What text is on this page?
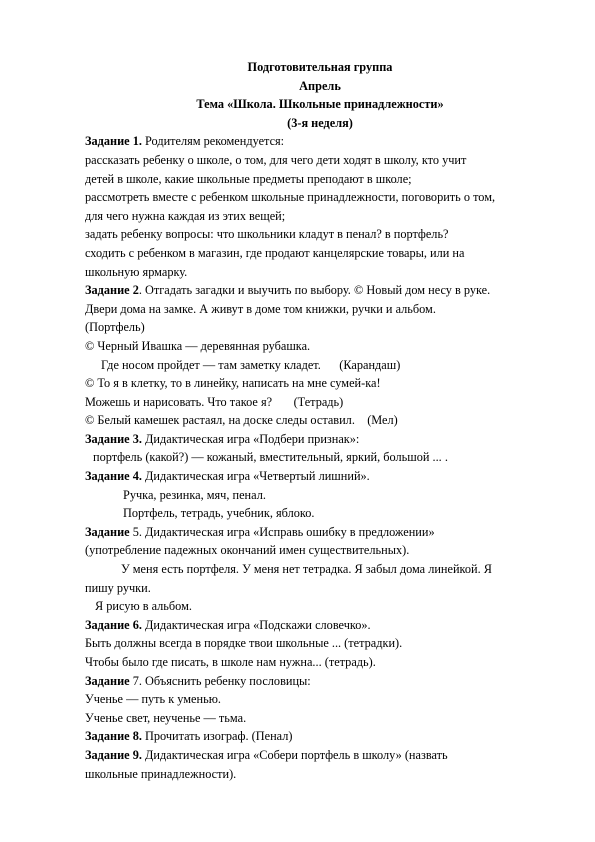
Подготовительная группа
Апрель
Тема «Школа. Школьные принадлежности»
(3-я неделя)
Задание 1. Родителям рекомендуется:
рассказать ребенку о школе, о том, для чего дети ходят в школу, кто учит
детей в школе, какие школьные предметы преподают в школе;
рассмотреть вместе с ребенком школьные принадлежности, поговорить о том,
для чего нужна каждая из этих вещей;
задать ребенку вопросы: что школьники кладут в пенал? в портфель?
сходить с ребенком в магазин, где продают канцелярские товары, или на
школьную ярмарку.
Задание 2. Отгадать загадки и выучить по выбору. © Новый дом несу в руке.
Двери дома на замке. А живут в доме том книжки, ручки и альбом.
(Портфель)
© Черный Ивашка — деревянная рубашка.
Где носом пройдет — там заметку кладет.      (Карандаш)
© То я в клетку, то в линейку, написать на мне сумей-ка!
Можешь и нарисовать. Что такое я?       (Тетрадь)
© Белый камешек растаял, на доске следы оставил.    (Мел)
Задание 3. Дидактическая игра «Подбери признак»:
портфель (какой?) — кожаный, вместительный, яркий, большой ... .
Задание 4. Дидактическая игра «Четвертый лишний».
Ручка, резинка, мяч, пенал.
Портфель, тетрадь, учебник, яблоко.
Задание 5. Дидактическая игра «Исправь ошибку в предложении»
(употребление падежных окончаний имен существительных).
У меня есть портфеля. У меня нет тетрадка. Я забыл дома линейкой. Я
пишу ручки.
Я рисую в альбом.
Задание 6. Дидактическая игра «Подскажи словечко».
Быть должны всегда в порядке твои школьные ... (тетрадки).
Чтобы было где писать, в школе нам нужна... (тетрадь).
Задание 7. Объяснить ребенку пословицы:
Ученье — путь к уменью.
Ученье свет, неученье — тьма.
Задание 8. Прочитать изограф. (Пенал)
Задание 9. Дидактическая игра «Собери портфель в школу» (назвать
школьные принадлежности).
